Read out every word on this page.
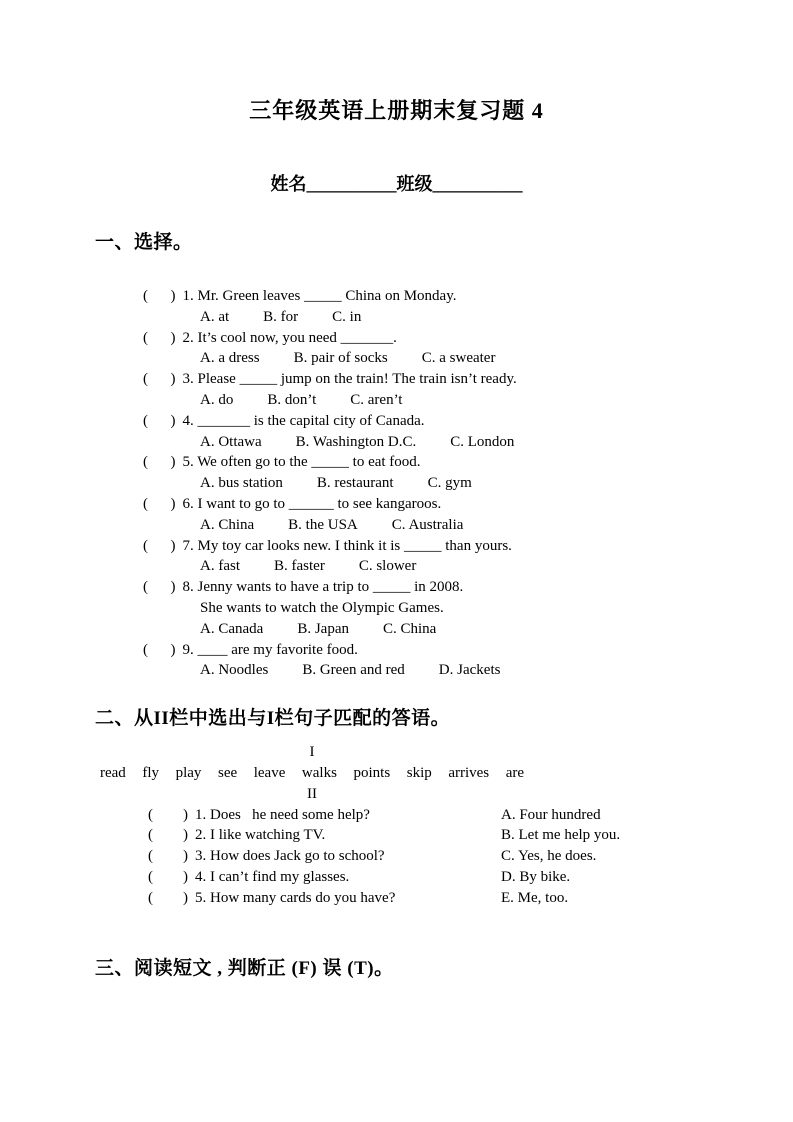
三年级英语上册期末复习题 4
姓名__________班级__________
一、选择。
(      ) 1. Mr. Green leaves _____ China on Monday.
A. at B. for C. in
(      ) 2. It’s cool now, you need _______.
A. a dress B. pair of socks C. a sweater
(      ) 3. Please _____ jump on the train! The train isn’t ready.
A. do B. don’t C. aren’t
(      ) 4. _______ is the capital city of Canada.
A. Ottawa B. Washington D.C. C. London
(      ) 5. We often go to the _____ to eat food.
A. bus station B. restaurant C. gym
(      ) 6. I want to go to ______ to see kangaroos.
A. China B. the USA C. Australia
(      ) 7. My toy car looks new. I think it is _____ than yours.
A. fast B. faster C. slower
(      ) 8. Jenny wants to have a trip to _____ in 2008.
She wants to watch the Olympic Games.
A. Canada B. Japan C. China
(      ) 9. ____ are my favorite food.
A. Noodles B. Green and red D. Jackets
二、从II栏中选出与I栏句子匹配的答语。
I
read fly play see leave walks points skip arrives are
II
(        ) 1. Does   he need some help?	A. Four hundred
(        ) 2. I like watching TV.	B. Let me help you.
(        ) 3. How does Jack go to school?	C. Yes, he does.
(        ) 4. I can’t find my glasses.	D. By bike.
(        ) 5. How many cards do you have?	E. Me, too.
三、阅读短文 , 判断正 (F) 误 (T)。
